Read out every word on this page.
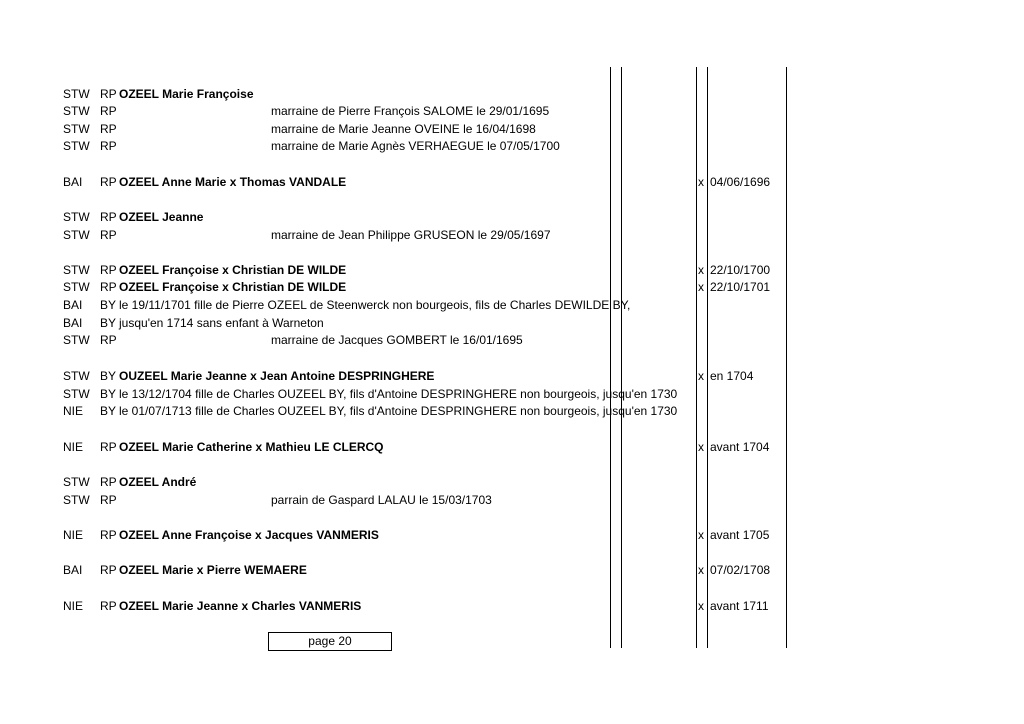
STW RP OZEEL Marie Françoise
STW RP	marraine de Pierre François SALOME le 29/01/1695
STW RP	marraine de Marie Jeanne OVEINE le 16/04/1698
STW RP	marraine de Marie Agnès VERHAEGUE le 07/05/1700
BAI RP OZEEL Anne Marie x Thomas VANDALE	x 04/06/1696
STW RP OZEEL Jeanne
STW RP	marraine de Jean Philippe GRUSEON le 29/05/1697
STW RP OZEEL Françoise x Christian DE WILDE	x 22/10/1700
STW RP OZEEL Françoise x Christian DE WILDE	x 22/10/1701
BAI BY le 19/11/1701 fille de Pierre OZEEL de Steenwerck non bourgeois, fils de Charles DEWILDE BY,
BAI BY jusqu'en 1714 sans enfant à Warneton
STW RP	marraine de Jacques GOMBERT le 16/01/1695
STW BY OUZEEL Marie Jeanne x Jean Antoine DESPRINGHERE	x en 1704
STW BY le 13/12/1704 fille de Charles OUZEEL BY, fils d'Antoine DESPRINGHERE non bourgeois, jusqu'en 1730
NIE BY le 01/07/1713 fille de Charles OUZEEL BY, fils d'Antoine DESPRINGHERE non bourgeois, jusqu'en 1730
NIE RP OZEEL Marie Catherine x Mathieu LE CLERCQ	x avant 1704
STW RP OZEEL André
STW RP	parrain de Gaspard LALAU le 15/03/1703
NIE RP OZEEL Anne Françoise x Jacques VANMERIS	x avant 1705
BAI RP OZEEL Marie x Pierre WEMAERE	x 07/02/1708
NIE RP OZEEL Marie Jeanne x Charles VANMERIS	x avant 1711
page 20
